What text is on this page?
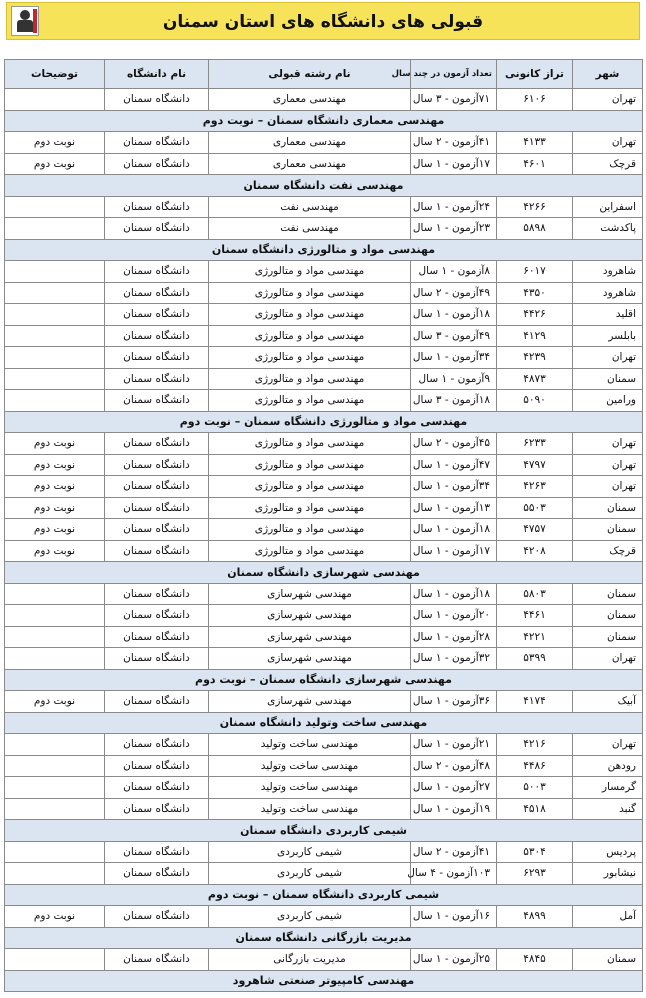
قبولی های دانشگاه های استان سمنان
شهر	تراز کانونی	تعداد آزمون در چند سال	نام رشته قبولی	نام دانشگاه	توضیحات
تهران	۶۱۰۶	۷۱آزمون - ۳ سال	مهندسی معماری	دانشگاه سمنان	
مهندسی معماری دانشگاه سمنان – نوبت دوم					
تهران	۴۱۳۳	۴۱آزمون - ۲ سال	مهندسی معماری	دانشگاه سمنان	نوبت دوم
قرچک	۴۶۰۱	۱۷آزمون - ۱ سال	مهندسی معماری	دانشگاه سمنان	نوبت دوم
مهندسی نفت دانشگاه سمنان					
اسفراین	۴۲۶۶	۲۴آزمون - ۱ سال	مهندسی نفت	دانشگاه سمنان	
پاکدشت	۵۸۹۸	۲۳آزمون - ۱ سال	مهندسی نفت	دانشگاه سمنان	
مهندسی مواد و متالورژی دانشگاه سمنان					
شاهرود	۶۰۱۷	۸آزمون - ۱ سال	مهندسی مواد و متالورژی	دانشگاه سمنان	
شاهرود	۴۳۵۰	۴۹آزمون - ۲ سال	مهندسی مواد و متالورژی	دانشگاه سمنان	
اقلید	۴۴۲۶	۱۸آزمون - ۱ سال	مهندسی مواد و متالورژی	دانشگاه سمنان	
بابلسر	۴۱۲۹	۴۹آزمون - ۳ سال	مهندسی مواد و متالورژی	دانشگاه سمنان	
تهران	۴۲۳۹	۳۴آزمون - ۱ سال	مهندسی مواد و متالورژی	دانشگاه سمنان	
سمنان	۴۸۷۳	۹آزمون - ۱ سال	مهندسی مواد و متالورژی	دانشگاه سمنان	
ورامین	۵۰۹۰	۱۸آزمون - ۳ سال	مهندسی مواد و متالورژی	دانشگاه سمنان	
مهندسی مواد و متالورژی دانشگاه سمنان – نوبت دوم					
تهران	۶۲۳۳	۴۵آزمون - ۲ سال	مهندسی مواد و متالورژی	دانشگاه سمنان	نوبت دوم
تهران	۴۷۹۷	۴۷آزمون - ۱ سال	مهندسی مواد و متالورژی	دانشگاه سمنان	نوبت دوم
تهران	۴۲۶۳	۳۴آزمون - ۱ سال	مهندسی مواد و متالورژی	دانشگاه سمنان	نوبت دوم
سمنان	۵۵۰۳	۱۳آزمون - ۱ سال	مهندسی مواد و متالورژی	دانشگاه سمنان	نوبت دوم
سمنان	۴۷۵۷	۱۸آزمون - ۱ سال	مهندسی مواد و متالورژی	دانشگاه سمنان	نوبت دوم
قرچک	۴۲۰۸	۱۷آزمون - ۱ سال	مهندسی مواد و متالورژی	دانشگاه سمنان	نوبت دوم
مهندسی شهرسازی دانشگاه سمنان					
سمنان	۵۸۰۳	۱۸آزمون - ۱ سال	مهندسی شهرسازی	دانشگاه سمنان	
سمنان	۴۴۶۱	۲۰آزمون - ۱ سال	مهندسی شهرسازی	دانشگاه سمنان	
سمنان	۴۲۲۱	۲۸آزمون - ۱ سال	مهندسی شهرسازی	دانشگاه سمنان	
تهران	۵۳۹۹	۳۲آزمون - ۱ سال	مهندسی شهرسازی	دانشگاه سمنان	
مهندسی شهرسازی دانشگاه سمنان – نوبت دوم					
آبیک	۴۱۷۴	۳۶آزمون - ۱ سال	مهندسی شهرسازی	دانشگاه سمنان	نوبت دوم
مهندسی ساخت وتولید دانشگاه سمنان					
تهران	۴۲۱۶	۲۱آزمون - ۱ سال	مهندسی ساخت وتولید	دانشگاه سمنان	
رودهن	۴۴۸۶	۴۸آزمون - ۲ سال	مهندسی ساخت وتولید	دانشگاه سمنان	
گرمسار	۵۰۰۳	۲۷آزمون - ۱ سال	مهندسی ساخت وتولید	دانشگاه سمنان	
گنبد	۴۵۱۸	۱۹آزمون - ۱ سال	مهندسی ساخت وتولید	دانشگاه سمنان	
شیمی کاربردی دانشگاه سمنان					
پردیس	۵۳۰۴	۴۱آزمون - ۲ سال	شیمی کاربردی	دانشگاه سمنان	
نیشابور	۶۲۹۳	۱۰۳آزمون - ۴ سال	شیمی کاربردی	دانشگاه سمنان	
شیمی کاربردی دانشگاه سمنان – نوبت دوم					
آمل	۴۸۹۹	۱۶آزمون - ۱ سال	شیمی کاربردی	دانشگاه سمنان	نوبت دوم
مدیریت بازرگانی دانشگاه سمنان					
سمنان	۴۸۴۵	۲۵آزمون - ۱ سال	مدیریت بازرگانی	دانشگاه سمنان	
مهندسی کامپیوتر صنعتی شاهرود					
